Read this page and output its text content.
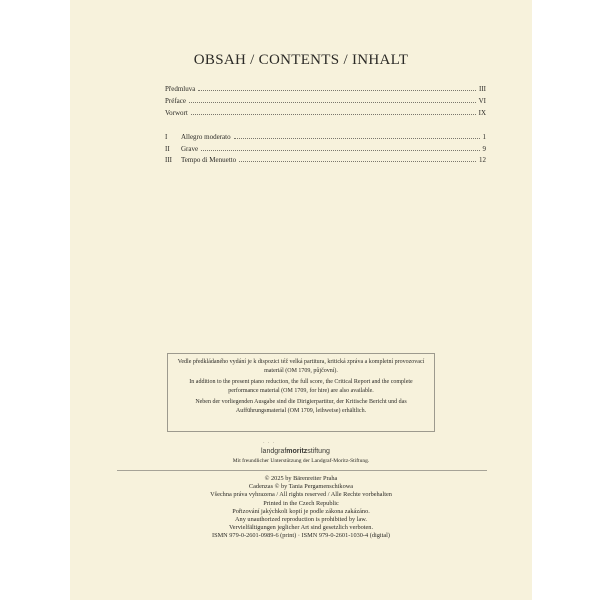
OBSAH / CONTENTS / INHALT
Předmluva	III
Préface	VI
Vorwort	IX
I	Allegro moderato	1
II	Grave	9
III	Tempo di Menuetto	12

Vedle předkládaného vydání je k dispozici též velká partitura, kritická zpráva a kompletní provozovací materiál (OM 1709, půjčovní).

In addition to the present piano reduction, the full score, the Critical Report and the complete performance material (OM 1709, for hire) are also available.

Neben der vorliegenden Ausgabe sind die Dirigierpartitur, der Kritische Bericht und das Aufführungsmaterial (OM 1709, leihweise) erhältlich.

· · ·
landgrafmoritzstiftung
Mit freundlicher Unterstützung der Landgraf-Moritz-Stiftung.
© 2025 by Bärenreiter Praha
Cadenzas © by Tania Pergamenschikowa
Všechna práva vyhrazena / All rights reserved / Alle Rechte vorbehalten
Printed in the Czech Republic
Pořizování jakýchkoli kopií je podle zákona zakázáno.
Any unauthorized reproduction is prohibited by law.
Vervielfältigungen jeglicher Art sind gesetzlich verboten.
ISMN 979-0-2601-0989-6 (print) · ISMN 979-0-2601-1030-4 (digital)
